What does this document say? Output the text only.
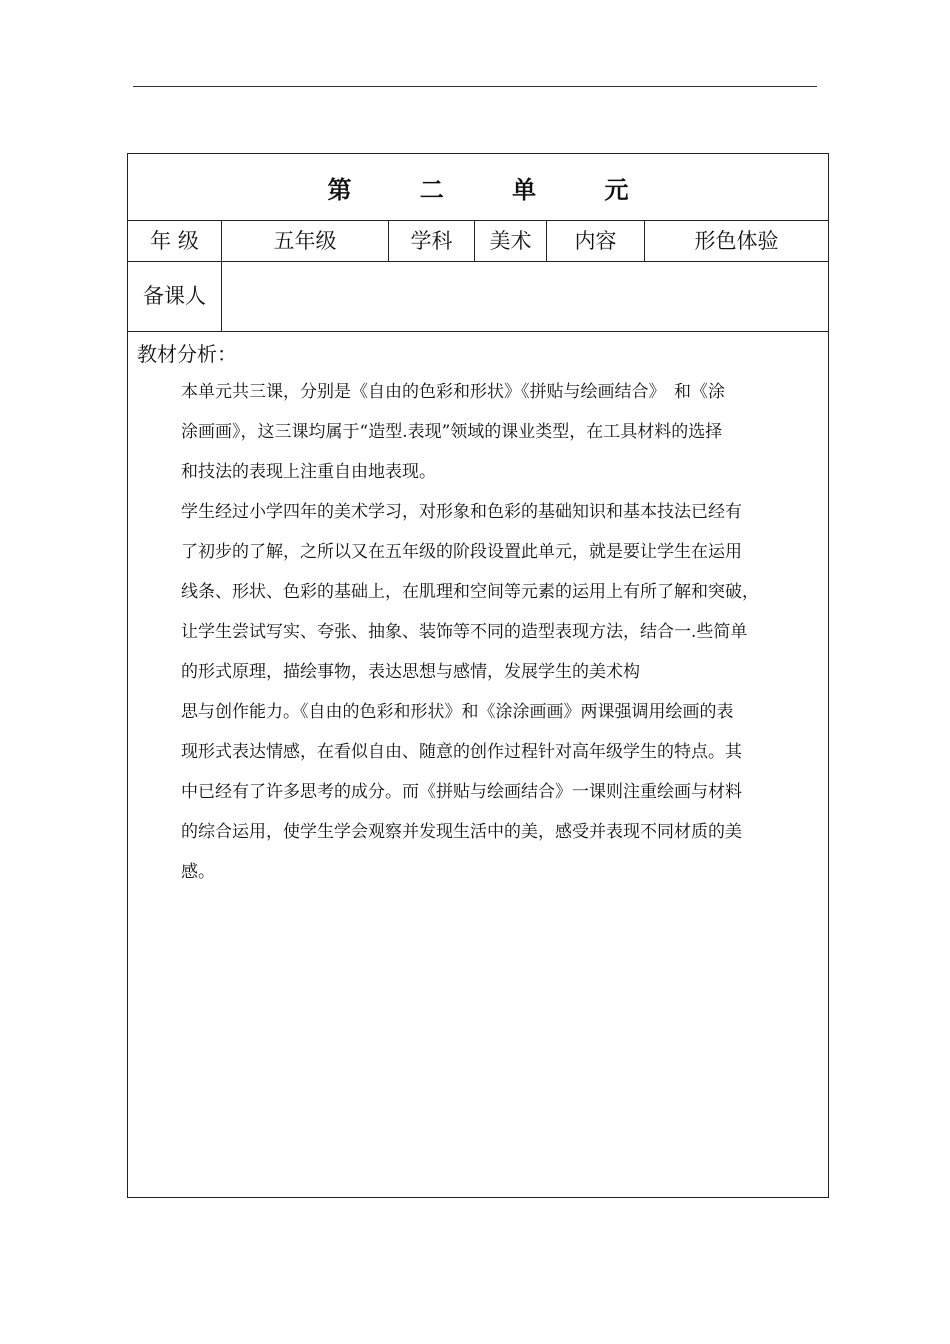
第 二 单 元
年 级	五年级	学科	美术	内容	形色体验
备课人
教材分析：
本单元共三课，分别是《自由的色彩和形状》《拼贴与绘画结合》　和《涂
涂画画》，这三课均属于“造型.表现”领域的课业类型，在工具材料的选择
和技法的表现上注重自由地表现。
学生经过小学四年的美术学习，对形象和色彩的基础知识和基本技法已经有
了初步的了解，之所以又在五年级的阶段设置此单元，就是要让学生在运用
线条、形状、色彩的基础上，在肌理和空间等元素的运用上有所了解和突破，
让学生尝试写实、夸张、抽象、装饰等不同的造型表现方法，结合一.些简单
的形式原理，描绘事物，表达思想与感情，发展学生的美术构
思与创作能力。《自由的色彩和形状》和《涂涂画画》两课强调用绘画的表
现形式表达情感，在看似自由、随意的创作过程针对高年级学生的特点。其
中已经有了许多思考的成分。而《拼贴与绘画结合》一课则注重绘画与材料
的综合运用，使学生学会观察并发现生活中的美，感受并表现不同材质的美
感。
